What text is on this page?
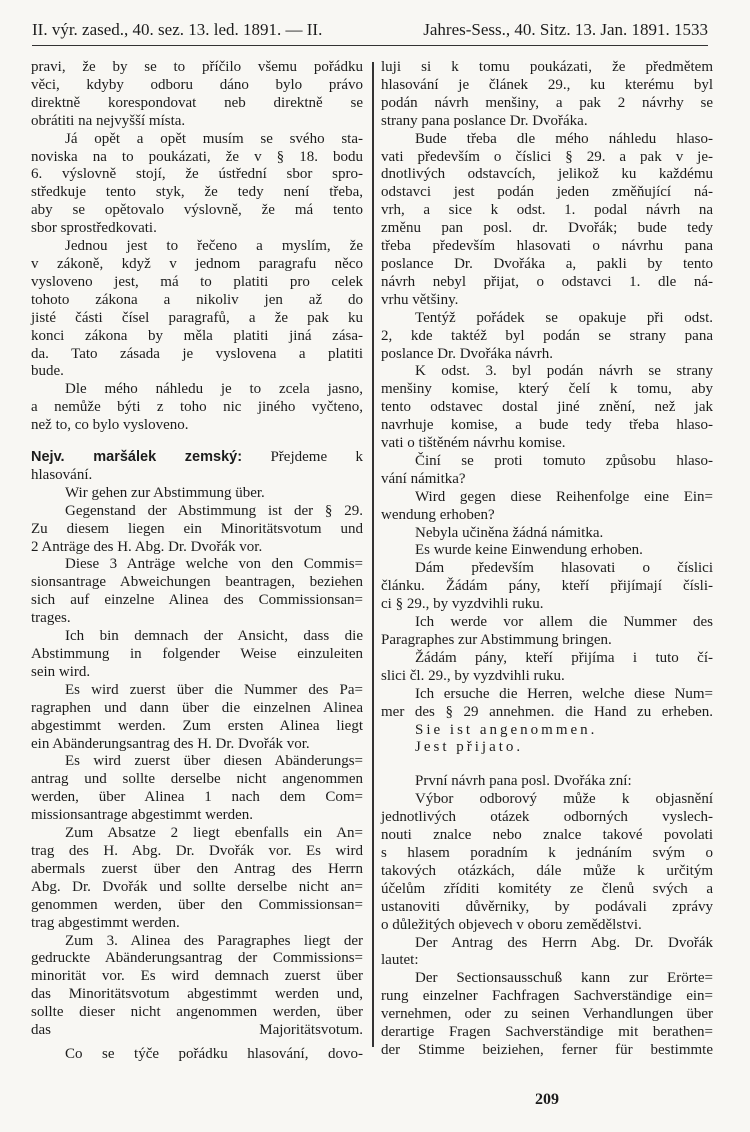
II. výr. zased., 40. sez. 13. led. 1891. — II.	Jahres-Sess., 40. Sitz. 13. Jan. 1891. 1533
pravi, že by se to příčilo všemu pořádku
věci, kdyby odboru dáno bylo právo
direktně korespondovat neb direktně se
obrátiti na nejvyšší místa.
Já opět a opět musím se svého sta-
noviska na to poukázati, že v § 18. bodu
6. výslovně stojí, že ústřední sbor spro-
středkuje tento styk, že tedy není třeba,
aby se opětovalo výslovně, že má tento
sbor sprostředkovati.
Jednou jest to řečeno a myslím, že
v zákoně, když v jednom paragrafu něco
vysloveno jest, má to platiti pro celek
tohoto zákona a nikoliv jen až do
jisté části čísel paragrafů, a že pak ku
konci zákona by měla platiti jiná zása-
da. Tato zásada je vyslovena a platiti
bude.
Dle mého náhledu je to zcela jasno,
a nemůže býti z toho nic jiného vyčteno,
než to, co bylo vysloveno.
Nejv. maršálek zemský: Přejdeme k
hlasování.
Wir gehen zur Abstimmung über.
Gegenstand der Abstimmung ist der § 29.
Zu diesem liegen ein Minoritätsvotum und
2 Anträge des H. Abg. Dr. Dvořák vor.
Diese 3 Anträge welche von den Commis=
sionsantrage Abweichungen beantragen, beziehen
sich auf einzelne Alinea des Commissionsan=
trages.
Ich bin demnach der Ansicht, dass die
Abstimmung in folgender Weise einzuleiten
sein wird.
Es wird zuerst über die Nummer des Pa=
ragraphen und dann über die einzelnen Alinea
abgestimmt werden. Zum ersten Alinea liegt
ein Abänderungsantrag des H. Dr. Dvořák vor.
Es wird zuerst über diesen Abänderungs=
antrag und sollte derselbe nicht angenommen
werden, über Alinea 1 nach dem Com=
missionsantrage abgestimmt werden.
Zum Absatze 2 liegt ebenfalls ein An=
trag des H. Abg. Dr. Dvořák vor. Es wird
abermals zuerst über den Antrag des Herrn
Abg. Dr. Dvořák und sollte derselbe nicht an=
genommen werden, über den Commissionsan=
trag abgestimmt werden.
Zum 3. Alinea des Paragraphes liegt der
gedruckte Abänderungsantrag der Commissions=
minorität vor. Es wird demnach zuerst über
das Minoritätsvotum abgestimmt werden und,
sollte dieser nicht angenommen werden, über
das Majoritätsvotum.
Co se týče pořádku hlasování, dovo-
luji si k tomu poukázati, že předmětem
hlasování je článek 29., ku kterému byl
podán návrh menšiny, a pak 2 návrhy se
strany pana poslance Dr. Dvořáka.
Bude třeba dle mého náhledu hlaso-
vati především o číslici § 29. a pak v je-
dnotlivých odstavcích, jelikož ku každému
odstavci jest podán jeden změňující ná-
vrh, a sice k odst. 1. podal návrh na
změnu pan posl. dr. Dvořák; bude tedy
třeba především hlasovati o návrhu pana
poslance Dr. Dvořáka a, pakli by tento
návrh nebyl přijat, o odstavci 1. dle ná-
vrhu většiny.
Tentýž pořádek se opakuje při odst.
2, kde taktéž byl podán se strany pana
poslance Dr. Dvořáka návrh.
K odst. 3. byl podán návrh se strany
menšiny komise, který čelí k tomu, aby
tento odstavec dostal jiné znění, než jak
navrhuje komise, a bude tedy třeba hlaso-
vati o tištěném návrhu komise.
Činí se proti tomuto způsobu hlaso-
vání námitka?
Wird gegen diese Reihenfolge eine Ein=
wendung erhoben?
Nebyla učiněna žádná námitka.
Es wurde keine Einwendung erhoben.
Dám především hlasovati o číslici
článku. Žádám pány, kteří přijímají čísli-
ci § 29., by vyzdvihli ruku.
Ich werde vor allem die Nummer des
Paragraphes zur Abstimmung bringen.
Žádám pány, kteří přijíma i tuto čí-
slici čl. 29., by vyzdvihli ruku.
Ich ersuche die Herren, welche diese Num=
mer des § 29 annehmen. die Hand zu erheben.
Sie ist angenommen.
Jest přijato.
První návrh pana posl. Dvořáka zní:
Výbor odborový může k objasnění
jednotlivých otázek odborných vyslech-
nouti znalce nebo znalce takové povolati
s hlasem poradním k jednáním svým o
takových otázkách, dále může k určitým
účelům zříditi komitéty ze členů svých a
ustanoviti důvěrniky, by podávali zprávy
o důležitých objevech v oboru zemědělstvi.
Der Antrag des Herrn Abg. Dr. Dvořák
lautet:
Der Sectionsausschuß kann zur Erörte=
rung einzelner Fachfragen Sachverständige ein=
vernehmen, oder zu seinen Verhandlungen über
derartige Fragen Sachverständige mit berathen=
der Stimme beiziehen, ferner für bestimmte
209
